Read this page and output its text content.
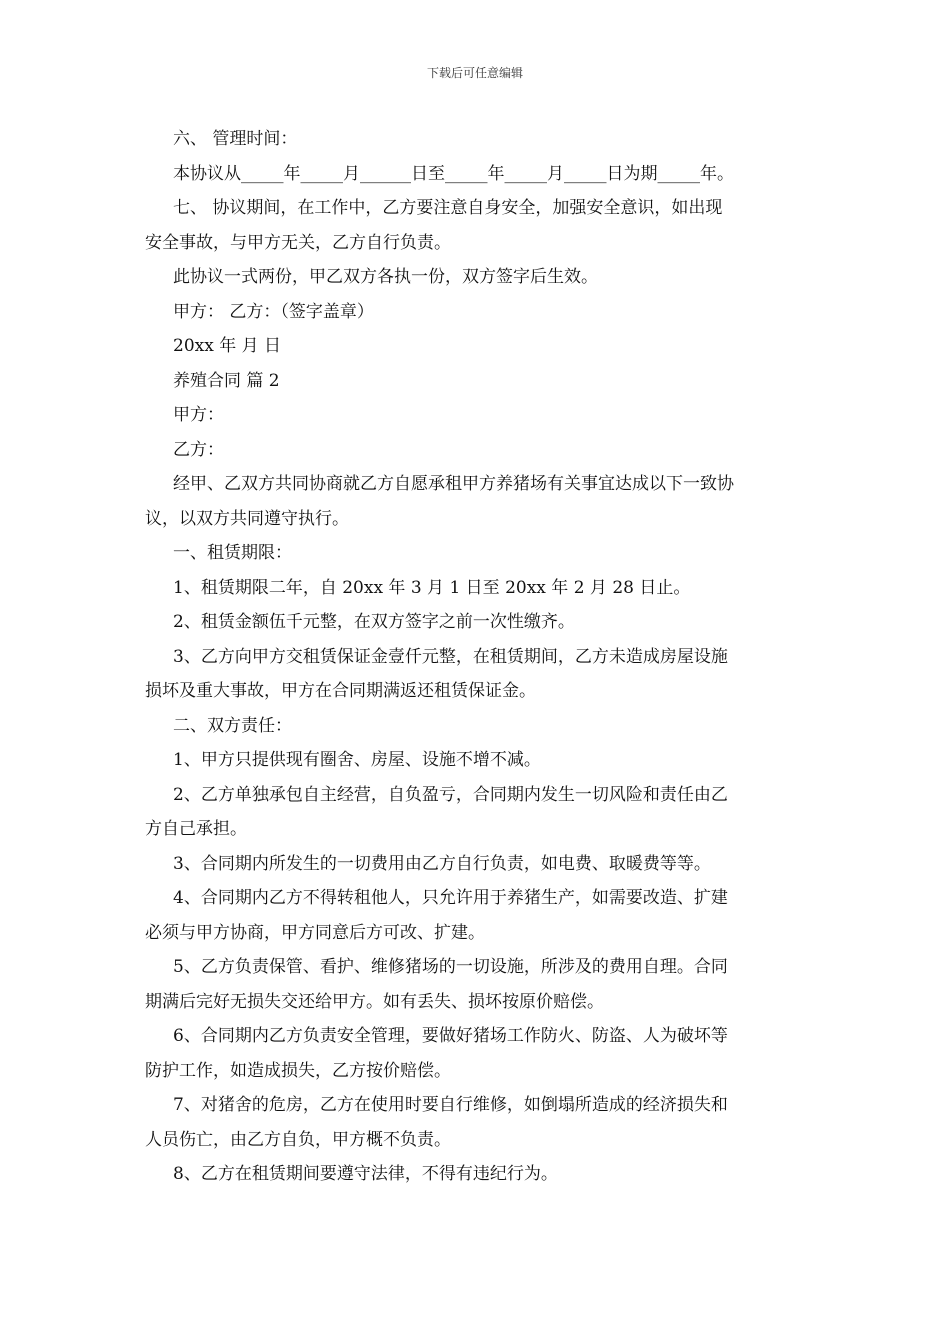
下载后可任意编辑

六、 管理时间：

本协议从_____年_____月______日至_____年_____月_____日为期_____年。

七、 协议期间，在工作中，乙方要注意自身安全，加强安全意识，如出现

安全事故，与甲方无关，乙方自行负责。

此协议一式两份，甲乙双方各执一份，双方签字后生效。

甲方： 乙方：（签字盖章）

20xx 年 月 日

养殖合同 篇 2

甲方：

乙方：

经甲、乙双方共同协商就乙方自愿承租甲方养猪场有关事宜达成以下一致协

议，以双方共同遵守执行。

一、租赁期限：

1、租赁期限二年，自 20xx 年 3 月 1 日至 20xx 年 2 月 28 日止。

2、租赁金额伍千元整，在双方签字之前一次性缴齐。

3、乙方向甲方交租赁保证金壹仟元整，在租赁期间，乙方未造成房屋设施

损坏及重大事故，甲方在合同期满返还租赁保证金。

二、双方责任：

1、甲方只提供现有圈舍、房屋、设施不增不减。

2、乙方单独承包自主经营，自负盈亏，合同期内发生一切风险和责任由乙

方自己承担。

3、合同期内所发生的一切费用由乙方自行负责，如电费、取暖费等等。

4、合同期内乙方不得转租他人，只允许用于养猪生产，如需要改造、扩建

必须与甲方协商，甲方同意后方可改、扩建。

5、乙方负责保管、看护、维修猪场的一切设施，所涉及的费用自理。合同

期满后完好无损失交还给甲方。如有丢失、损坏按原价赔偿。

6、合同期内乙方负责安全管理，要做好猪场工作防火、防盗、人为破坏等

防护工作，如造成损失，乙方按价赔偿。

7、对猪舍的危房，乙方在使用时要自行维修，如倒塌所造成的经济损失和

人员伤亡，由乙方自负，甲方概不负责。

8、乙方在租赁期间要遵守法律，不得有违纪行为。
